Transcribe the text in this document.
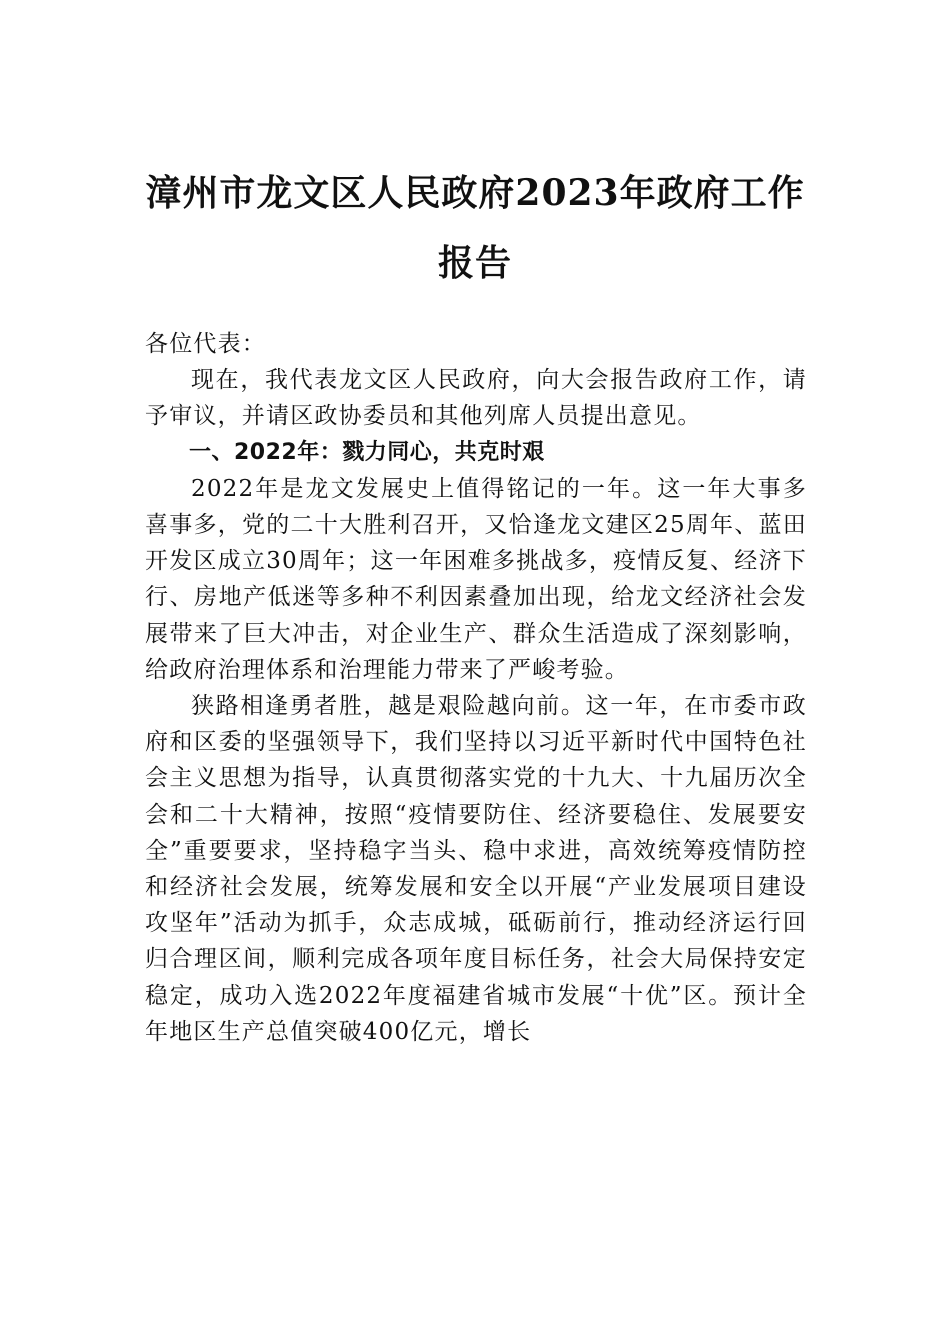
漳州市龙文区人民政府2023年政府工作报告

各位代表：

现在，我代表龙文区人民政府，向大会报告政府工作，请予审议，并请区政协委员和其他列席人员提出意见。

一、2022年：戮力同心，共克时艰

2022年是龙文发展史上值得铭记的一年。这一年大事多喜事多，党的二十大胜利召开，又恰逢龙文建区25周年、蓝田开发区成立30周年；这一年困难多挑战多，疫情反复、经济下行、房地产低迷等多种不利因素叠加出现，给龙文经济社会发展带来了巨大冲击，对企业生产、群众生活造成了深刻影响，给政府治理体系和治理能力带来了严峻考验。

狭路相逢勇者胜，越是艰险越向前。这一年，在市委市政府和区委的坚强领导下，我们坚持以习近平新时代中国特色社会主义思想为指导，认真贯彻落实党的十九大、十九届历次全会和二十大精神，按照“疫情要防住、经济要稳住、发展要安全”重要要求，坚持稳字当头、稳中求进，高效统筹疫情防控和经济社会发展，统筹发展和安全以开展“产业发展项目建设攻坚年”活动为抓手，众志成城，砥砺前行，推动经济运行回归合理区间，顺利完成各项年度目标任务，社会大局保持安定稳定，成功入选2022年度福建省城市发展“十优”区。预计全年地区生产总值突破400亿元，增长
